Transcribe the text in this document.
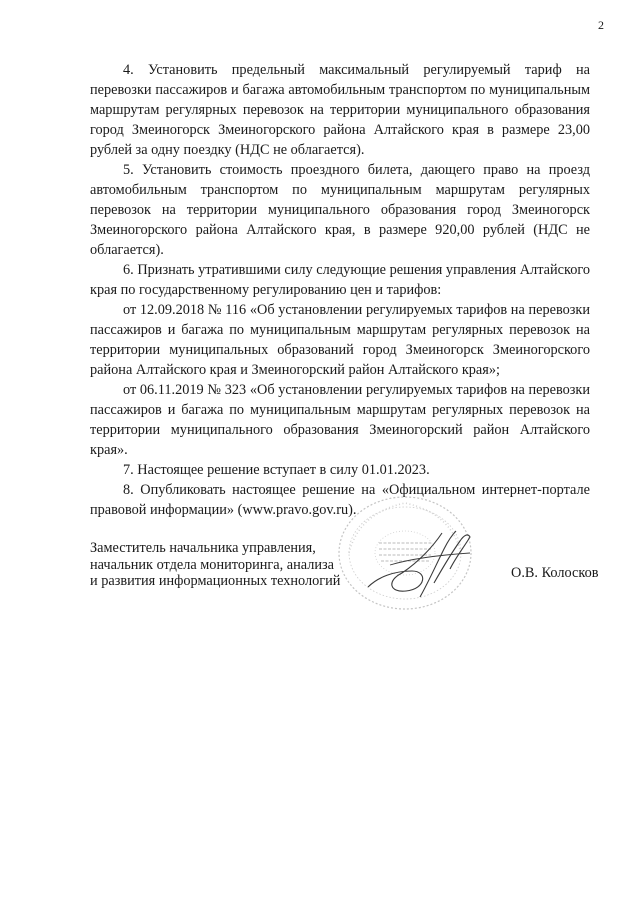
2

4. Установить предельный максимальный регулируемый тариф на перевозки пассажиров и багажа автомобильным транспортом по муниципальным маршрутам регулярных перевозок на территории муниципального образования город Змеиногорск Змеиногорского района Алтайского края в размере 23,00 рублей за одну поездку (НДС не облагается).

5. Установить стоимость проездного билета, дающего право на проезд автомобильным транспортом по муниципальным маршрутам регулярных перевозок на территории муниципального образования город Змеиногорск Змеиногорского района Алтайского края, в размере 920,00 рублей (НДС не облагается).

6. Признать утратившими силу следующие решения управления Алтайского края по государственному регулированию цен и тарифов:

от 12.09.2018 № 116 «Об установлении регулируемых тарифов на перевозки пассажиров и багажа по муниципальным маршрутам регулярных перевозок на территории муниципальных образований город Змеиногорск Змеиногорского района Алтайского края и Змеиногорский район Алтайского края»;

от 06.11.2019 № 323 «Об установлении регулируемых тарифов на перевозки пассажиров и багажа по муниципальным маршрутам регулярных перевозок на территории муниципального образования Змеиногорский район Алтайского края».

7. Настоящее решение вступает в силу 01.01.2023.

8. Опубликовать настоящее решение на «Официальном интернет-портале правовой информации» (www.pravo.gov.ru).

Заместитель начальника управления,
начальник отдела мониторинга, анализа
и развития информационных технологий	О.В. Колосков
